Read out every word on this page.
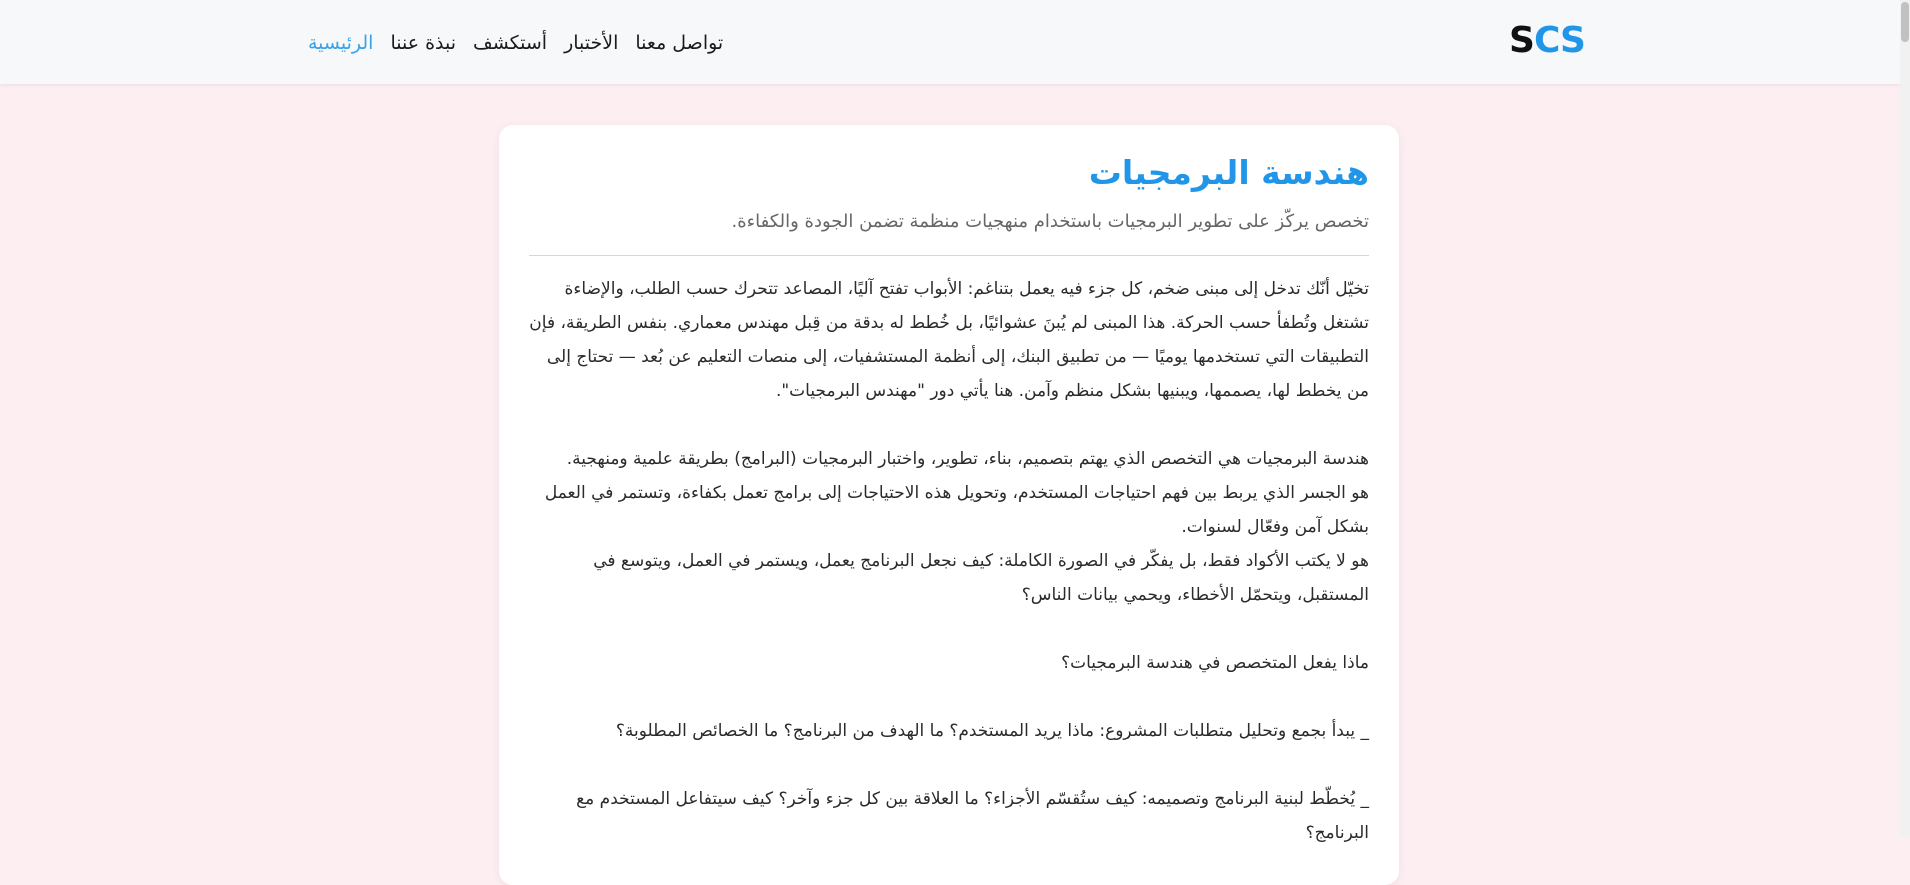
SCS
الرئيسية نبذة عننا أستكشف الأختبار تواصل معنا
هندسة البرمجيات

تخصص يركّز على تطوير البرمجيات باستخدام منهجيات منظمة تضمن الجودة والكفاءة.

تخيّل أنّك تدخل إلى مبنى ضخم، كل جزء فيه يعمل بتناغم: الأبواب تفتح آليًا، المصاعد تتحرك حسب الطلب، والإضاءة تشتغل وتُطفأ حسب الحركة. هذا المبنى لم يُبنَ عشوائيًا، بل خُطط له بدقة من قِبل مهندس معماري. بنفس الطريقة، فإن التطبيقات التي تستخدمها يوميًا — من تطبيق البنك، إلى أنظمة المستشفيات، إلى منصات التعليم عن بُعد — تحتاج إلى من يخطط لها، يصممها، ويبنيها بشكل منظم وآمن. هنا يأتي دور "مهندس البرمجيات".

هندسة البرمجيات هي التخصص الذي يهتم بتصميم، بناء، تطوير، واختبار البرمجيات (البرامج) بطريقة علمية ومنهجية.
هو الجسر الذي يربط بين فهم احتياجات المستخدم، وتحويل هذه الاحتياجات إلى برامج تعمل بكفاءة، وتستمر في العمل بشكل آمن وفعّال لسنوات.
هو لا يكتب الأكواد فقط، بل يفكّر في الصورة الكاملة: كيف نجعل البرنامج يعمل، ويستمر في العمل، ويتوسع في المستقبل، ويتحمّل الأخطاء، ويحمي بيانات الناس؟

ماذا يفعل المتخصص في هندسة البرمجيات؟

_ يبدأ بجمع وتحليل متطلبات المشروع: ماذا يريد المستخدم؟ ما الهدف من البرنامج؟ ما الخصائص المطلوبة؟

_ يُخطّط لبنية البرنامج وتصميمه: كيف ستُقسّم الأجزاء؟ ما العلاقة بين كل جزء وآخر؟ كيف سيتفاعل المستخدم مع البرنامج؟
